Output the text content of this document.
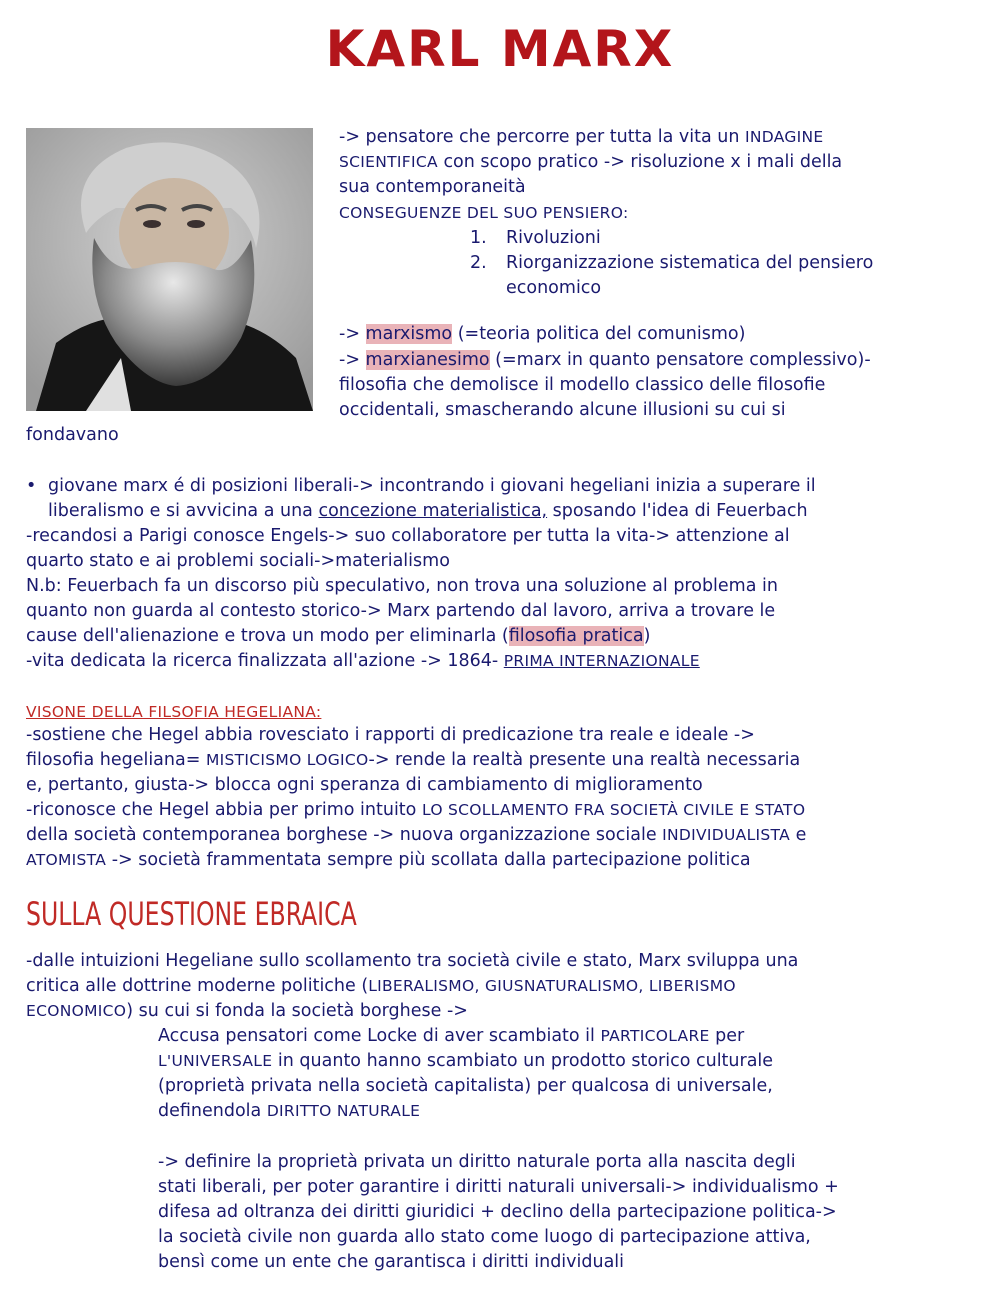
KARL MARX
-> pensatore che percorre per tutta la vita un INDAGINE
SCIENTIFICA con scopo pratico -> risoluzione x i mali della
sua contemporaneità
CONSEGUENZE DEL SUO PENSIERO:
1.	Rivoluzioni
2.	Riorganizzazione sistematica del pensiero
economico
-> marxismo (=teoria politica del comunismo)
-> marxianesimo (=marx in quanto pensatore complessivo)-
filosofia che demolisce il modello classico delle filosofie
occidentali, smascherando alcune illusioni su cui si
fondavano
• giovane marx é di posizioni liberali-> incontrando i giovani hegeliani inizia a superare il
liberalismo e si avvicina a una concezione materialistica, sposando l'idea di Feuerbach
-recandosi a Parigi conosce Engels-> suo collaboratore per tutta la vita-> attenzione al
quarto stato e ai problemi sociali->materialismo
N.b: Feuerbach fa un discorso più speculativo, non trova una soluzione al problema in
quanto non guarda al contesto storico-> Marx partendo dal lavoro, arriva a trovare le
cause dell'alienazione e trova un modo per eliminarla (filosofia pratica)
-vita dedicata la ricerca finalizzata all'azione -> 1864- PRIMA INTERNAZIONALE
VISONE DELLA FILSOFIA HEGELIANA:
-sostiene che Hegel abbia rovesciato i rapporti di predicazione tra reale e ideale ->
filosofia hegeliana= MISTICISMO LOGICO-> rende la realtà presente una realtà necessaria
e, pertanto, giusta-> blocca ogni speranza di cambiamento di miglioramento
-riconosce che Hegel abbia per primo intuito LO SCOLLAMENTO FRA SOCIETÀ CIVILE E STATO
della società contemporanea borghese -> nuova organizzazione sociale INDIVIDUALISTA e
ATOMISTA -> società frammentata sempre più scollata dalla partecipazione politica
SULLA QUESTIONE EBRAICA
-dalle intuizioni Hegeliane sullo scollamento tra società civile e stato, Marx sviluppa una
critica alle dottrine moderne politiche (LIBERALISMO, GIUSNATURALISMO, LIBERISMO
ECONOMICO) su cui si fonda la società borghese ->
Accusa pensatori come Locke di aver scambiato il PARTICOLARE per
L'UNIVERSALE in quanto hanno scambiato un prodotto storico culturale
(proprietà privata nella società capitalista) per qualcosa di universale,
definendola DIRITTO NATURALE
-> definire la proprietà privata un diritto naturale porta alla nascita degli
stati liberali, per poter garantire i diritti naturali universali-> individualismo +
difesa ad oltranza dei diritti giuridici + declino della partecipazione politica->
la società civile non guarda allo stato come luogo di partecipazione attiva,
bensì come un ente che garantisca i diritti individuali
